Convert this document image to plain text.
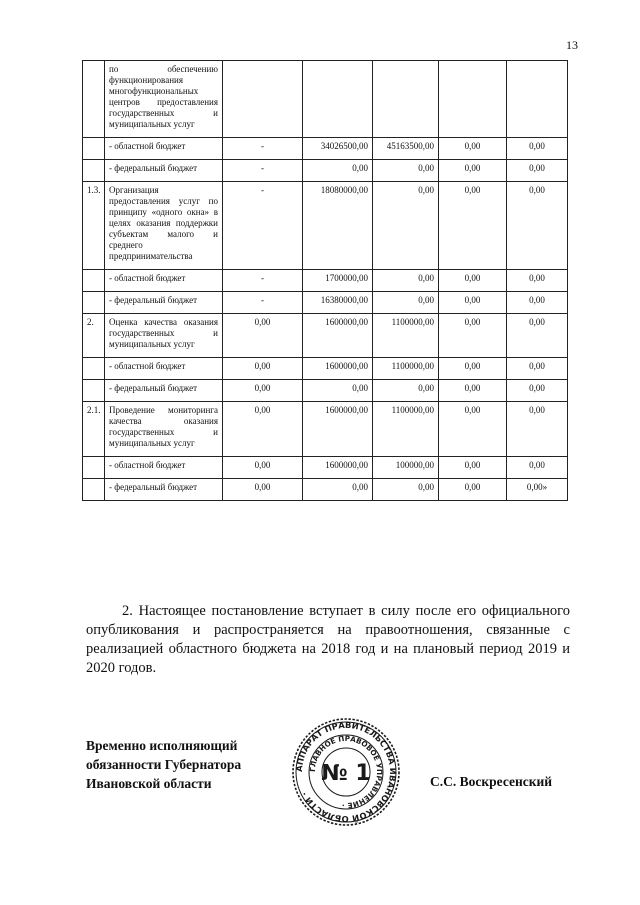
13
	по обеспечению функционирования многофункциональных центров предоставления государственных и муниципальных услуг					
	- областной бюджет	-	34026500,00	45163500,00	0,00	0,00
	- федеральный бюджет	-	0,00	0,00	0,00	0,00
1.3.	Организация предоставления услуг по принципу «одного окна» в целях оказания поддержки субъектам малого и среднего предпринимательства	-	18080000,00	0,00	0,00	0,00
	- областной бюджет	-	1700000,00	0,00	0,00	0,00
	- федеральный бюджет	-	16380000,00	0,00	0,00	0,00
2.	Оценка качества оказания государственных и муниципальных услуг	0,00	1600000,00	1100000,00	0,00	0,00
	- областной бюджет	0,00	1600000,00	1100000,00	0,00	0,00
	- федеральный бюджет	0,00	0,00	0,00	0,00	0,00
2.1.	Проведение мониторинга качества оказания государственных и муниципальных услуг	0,00	1600000,00	1100000,00	0,00	0,00
	- областной бюджет	0,00	1600000,00	100000,00	0,00	0,00
	- федеральный бюджет	0,00	0,00	0,00	0,00	0,00»

2. Настоящее постановление вступает в силу после его официального опубликования и распространяется на правоотношения, связанные с реализацией областного бюджета на 2018 год и на плановый период 2019 и 2020 годов.

Временно исполняющий
обязанности Губернатора
Ивановской области
АППАРАТ ПРАВИТЕЛЬСТВА ИВАНОВСКОЙ ОБЛАСТИ ·
ГЛАВНОЕ ПРАВОВОЕ УПРАВЛЕНИЕ ·
№ 1	С.С. Воскресенский
